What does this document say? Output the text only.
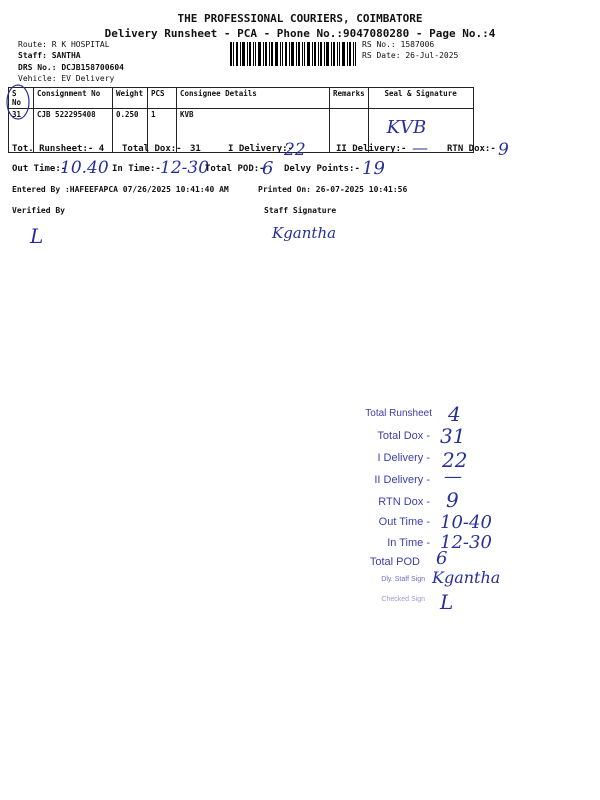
THE PROFESSIONAL COURIERS, COIMBATORE
Delivery Runsheet - PCA - Phone No.:9047080280 - Page No.:4
Route: R K HOSPITAL
Staff: SANTHA
DRS No.: DCJB158700604
Vehicle: EV Delivery
RS No.: 1587006
RS Date: 26-Jul-2025
S No	Consignment No	Weight	PCS	Consignee Details	Remarks	Seal & Signature
31	CJB 522295408	0.250	1	KVB		KVB
Tot. Runsheet:- 4 Total Dox:- 31	I Delivery:-
22	II Delivery:- — RTN Dox:- 9
Out Time:-
10.40 In Time:- 12-30
Total POD:-
6 Delvy Points:- 19
Entered By :HAFEEFAPCA 07/26/2025 10:41:40 AM	Printed On: 26-07-2025 10:41:56
Verified By	Staff Signature
L	Kgantha
Total Runsheet 4
Total Dox - 31
I Delivery - 22
II Delivery - —
RTN Dox - 9
Out Time - 10-40
In Time - 12-30
Total POD 6
Dly. Staff Sign Kgantha
Checked Sign L
